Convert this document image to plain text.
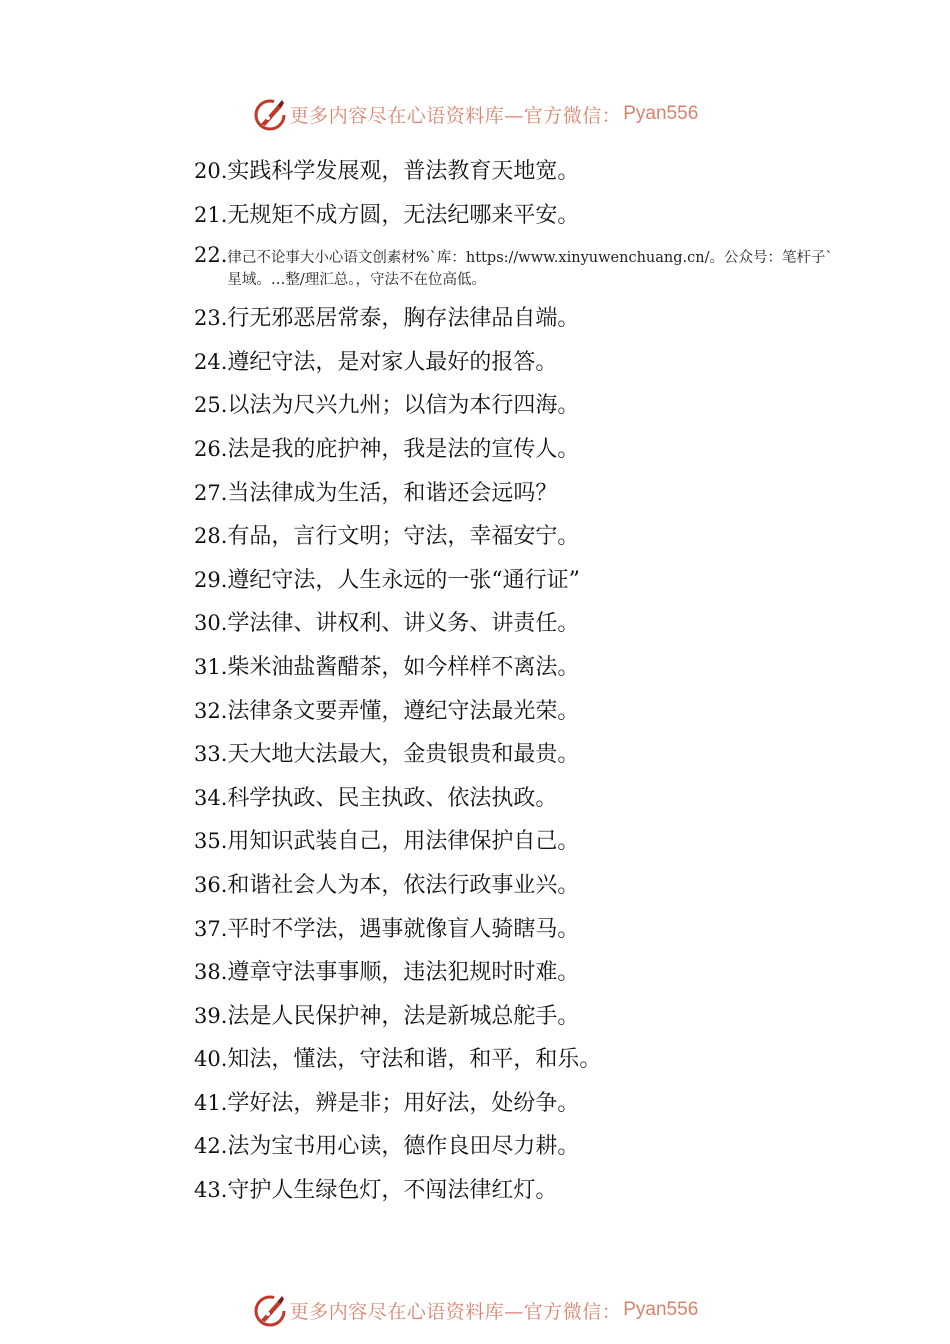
更多内容尽在心语资料库—官方微信： Pyan556
20. 实践科学发展观，普法教育天地宽。
21. 无规矩不成方圆，无法纪哪来平安。
22. 律己不论事大小心语文创素材%`库：https://www.xinyuwenchuang.cn/。公众号：笔杆子`星域。…整/理汇总。，守法不在位高低。
23. 行无邪恶居常泰，胸存法律品自端。
24. 遵纪守法，是对家人最好的报答。
25. 以法为尺兴九州；以信为本行四海。
26. 法是我的庇护神，我是法的宣传人。
27. 当法律成为生活，和谐还会远吗？
28. 有品，言行文明；守法，幸福安宁。
29. 遵纪守法，人生永远的一张“通行证”
30. 学法律、讲权利、讲义务、讲责任。
31. 柴米油盐酱醋茶，如今样样不离法。
32. 法律条文要弄懂，遵纪守法最光荣。
33. 天大地大法最大，金贵银贵和最贵。
34. 科学执政、民主执政、依法执政。
35. 用知识武装自己，用法律保护自己。
36. 和谐社会人为本，依法行政事业兴。
37. 平时不学法，遇事就像盲人骑瞎马。
38. 遵章守法事事顺，违法犯规时时难。
39. 法是人民保护神，法是新城总舵手。
40. 知法，懂法，守法和谐，和平，和乐。
41. 学好法，辨是非；用好法，处纷争。
42. 法为宝书用心读，德作良田尽力耕。
43. 守护人生绿色灯，不闯法律红灯。
更多内容尽在心语资料库—官方微信： Pyan556
